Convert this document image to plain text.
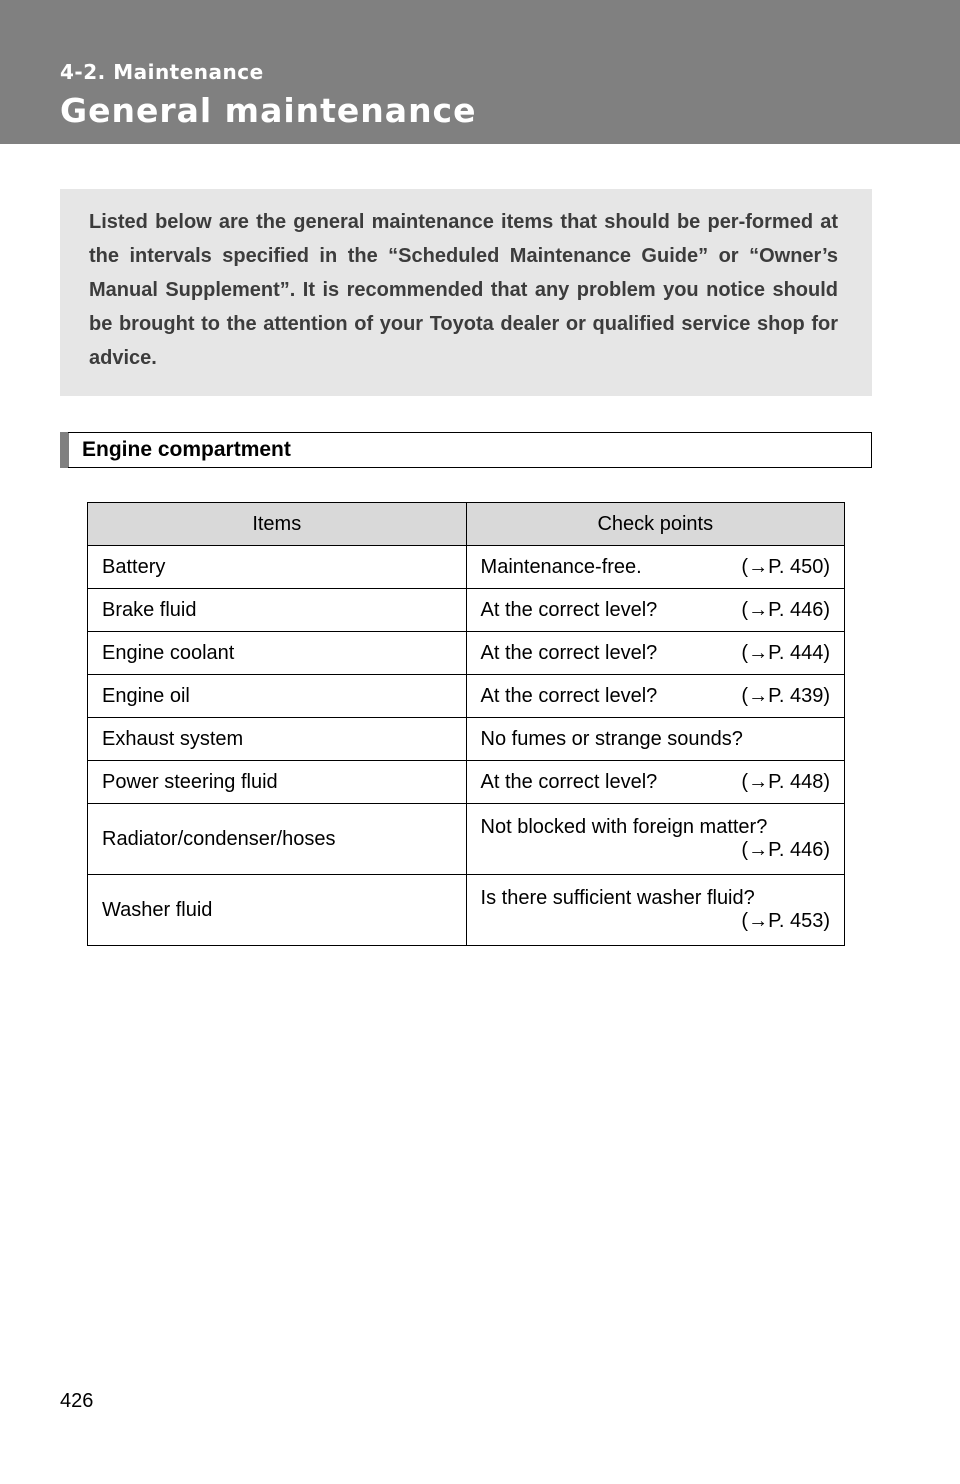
4-2. Maintenance
General maintenance

Listed below are the general maintenance items that should be per-formed at the intervals specified in the “Scheduled Maintenance Guide” or “Owner’s Manual Supplement”. It is recommended that any problem you notice should be brought to the attention of your Toyota dealer or qualified service shop for advice.

Engine compartment
Items	Check points
Battery	Maintenance-free. (→P. 450)

Brake fluid	At the correct level? (→P. 446)

Engine coolant	At the correct level? (→P. 444)

Engine oil	At the correct level? (→P. 439)

Exhaust system	No fumes or strange sounds?
Power steering fluid	At the correct level? (→P. 448)

Radiator/condenser/hoses	Not blocked with foreign matter?
(→P. 446)

Washer fluid	Is there sufficient washer fluid?
(→P. 453)
426
